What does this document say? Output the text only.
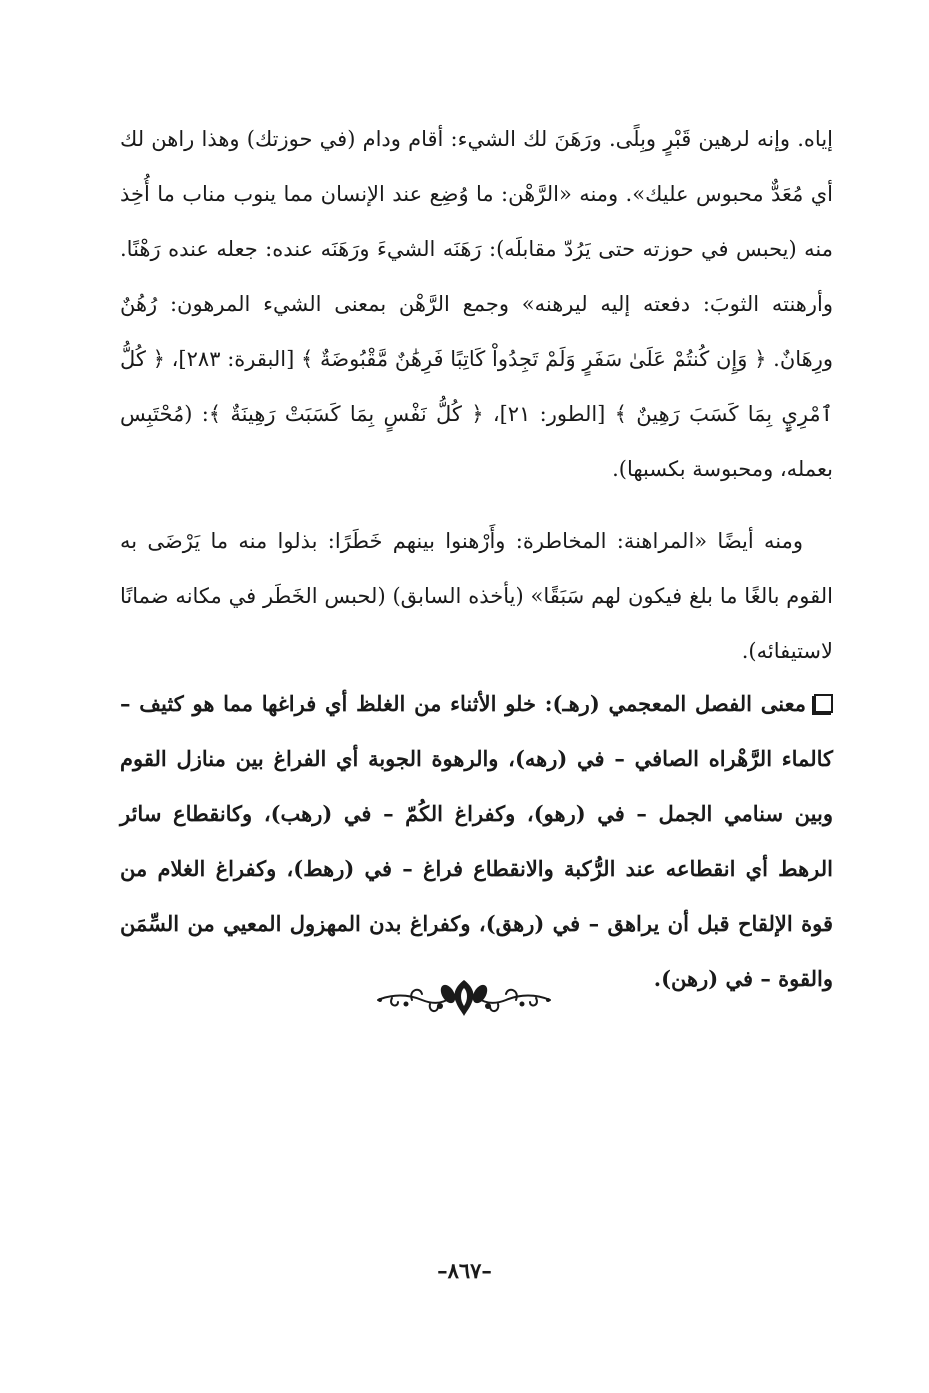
إياه. وإنه لرهين قَبْرٍ وبِلًى. ورَهَنَ لك الشيء: أقام ودام (في حوزتك) وهذا راهن لك أي مُعَدٌّ محبوس عليك». ومنه «الرَّهْن: ما وُضِع عند الإنسان مما ينوب مناب ما أُخِذ منه (يحبس في حوزته حتى يَرُدّ مقابلَه): رَهَنَه الشيءَ ورَهَنَه عنده: جعله عنده رَهْنًا. وأرهنته الثوبَ: دفعته إليه ليرهنه» وجمع الرَّهْن بمعنى الشيء المرهون: رُهُنٌ ورِهَانٌ. ﴿ وَإِن كُنتُمْ عَلَىٰ سَفَرٍ وَلَمْ تَجِدُواْ كَاتِبًا فَرِهَٰنٌ مَّقْبُوضَةٌ ﴾ [البقرة: ٢٨٣]، ﴿ كُلُّ ٱمْرِيٍٕ بِمَا كَسَبَ رَهِينٌ ﴾ [الطور: ٢١]، ﴿ كُلُّ نَفْسٍ بِمَا كَسَبَتْ رَهِينَةٌ ﴾: (مُحْتَبِس بعمله، ومحبوسة بكسبها).

ومنه أيضًا «المراهنة: المخاطرة: وأَرْهنوا بينهم خَطَرًا: بذلوا منه ما يَرْضَى به القوم بالغًا ما بلغ فيكون لهم سَبَقًا» (يأخذه السابق) (لحبس الخَطَر في مكانه ضمانًا لاستيفائه).

معنى الفصل المعجمي (رهـ): خلو الأثناء من الغلظ أي فراغها مما هو كثيف – كالماء الرَّهْراه الصافي – في (رهه)، والرهوة الجوبة أي الفراغ بين منازل القوم وبين سنامي الجمل – في (رهو)، وكفراغ الكُمّ – في (رهب)، وكانقطاع سائر الرهط أي انقطاعه عند الرُّكبة والانقطاع فراغ – في (رهط)، وكفراغ الغلام من قوة الإلقاح قبل أن يراهق – في (رهق)، وكفراغ بدن المهزول المعيي من السِّمَن والقوة – في (رهن).

–٨٦٧–
